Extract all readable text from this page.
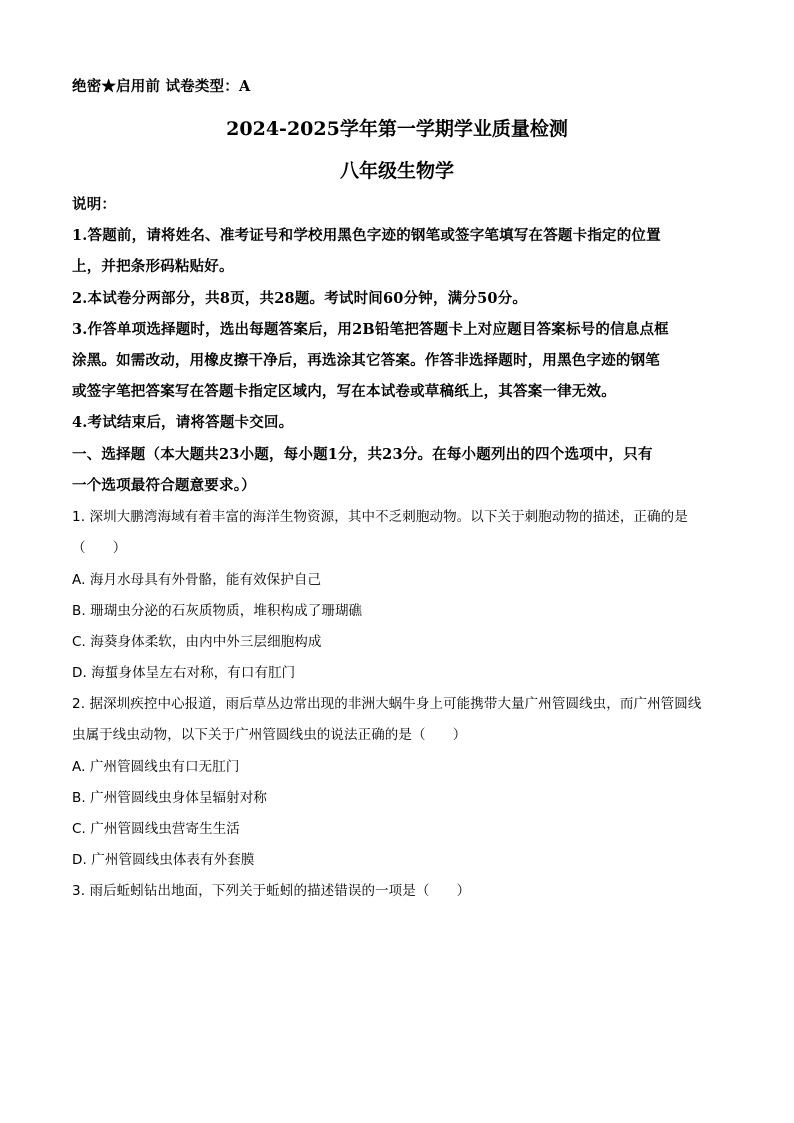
绝密★启用前 试卷类型：A
2024-2025学年第一学期学业质量检测
八年级生物学
说明：
1.答题前，请将姓名、准考证号和学校用黑色字迹的钢笔或签字笔填写在答题卡指定的位置
上，并把条形码粘贴好。
2.本试卷分两部分，共8页，共28题。考试时间60分钟，满分50分。
3.作答单项选择题时，选出每题答案后，用2B铅笔把答题卡上对应题目答案标号的信息点框
涂黑。如需改动，用橡皮擦干净后，再选涂其它答案。作答非选择题时，用黑色字迹的钢笔
或签字笔把答案写在答题卡指定区域内，写在本试卷或草稿纸上，其答案一律无效。
4.考试结束后，请将答题卡交回。
一、选择题（本大题共23小题，每小题1分，共23分。在每小题列出的四个选项中，只有
一个选项最符合题意要求。）
1. 深圳大鹏湾海域有着丰富的海洋生物资源，其中不乏刺胞动物。以下关于刺胞动物的描述，正确的是
（　　）
A. 海月水母具有外骨骼，能有效保护自己
B. 珊瑚虫分泌的石灰质物质，堆积构成了珊瑚礁
C. 海葵身体柔软，由内中外三层细胞构成
D. 海蜇身体呈左右对称，有口有肛门
2. 据深圳疾控中心报道，雨后草丛边常出现的非洲大蜗牛身上可能携带大量广州管圆线虫，而广州管圆线
虫属于线虫动物，以下关于广州管圆线虫的说法正确的是（　　）
A. 广州管圆线虫有口无肛门
B. 广州管圆线虫身体呈辐射对称
C. 广州管圆线虫营寄生生活
D. 广州管圆线虫体表有外套膜
3. 雨后蚯蚓钻出地面，下列关于蚯蚓的描述错误的一项是（　　）
